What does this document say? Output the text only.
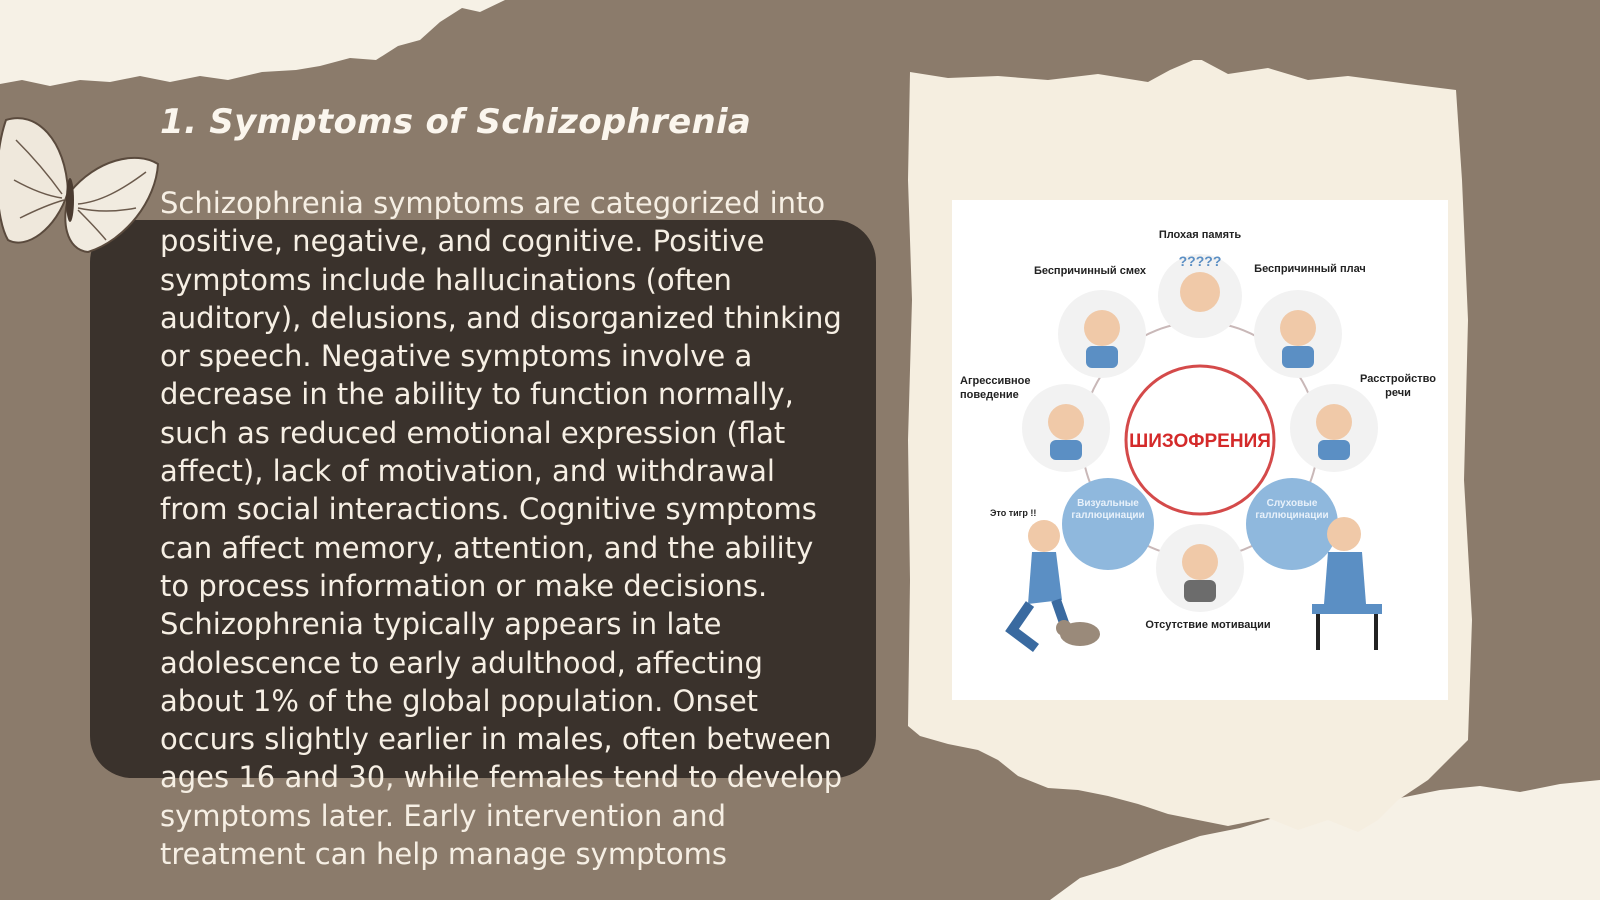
1. Symptoms of Schizophrenia

Schizophrenia symptoms are categorized into positive, negative, and cognitive. Positive symptoms include hallucinations (often auditory), delusions, and disorganized thinking or speech. Negative symptoms involve a decrease in the ability to function normally, such as reduced emotional expression (flat affect), lack of motivation, and withdrawal from social interactions. Cognitive symptoms can affect memory, attention, and the ability to process information or make decisions. Schizophrenia typically appears in late adolescence to early adulthood, affecting about 1% of the global population. Onset occurs slightly earlier in males, often between ages 16 and 30, while females tend to develop symptoms later. Early intervention and treatment can help manage symptoms

ШИЗОФРЕНИЯ
Плохая память
?????
Беспричинный смех	Беспричинный плач
Агрессивное
поведение
Расстройство
речи
Визуальные
галлюцинации
Слуховые
галлюцинации
Отсутствие мотивации
Это тигр !!
